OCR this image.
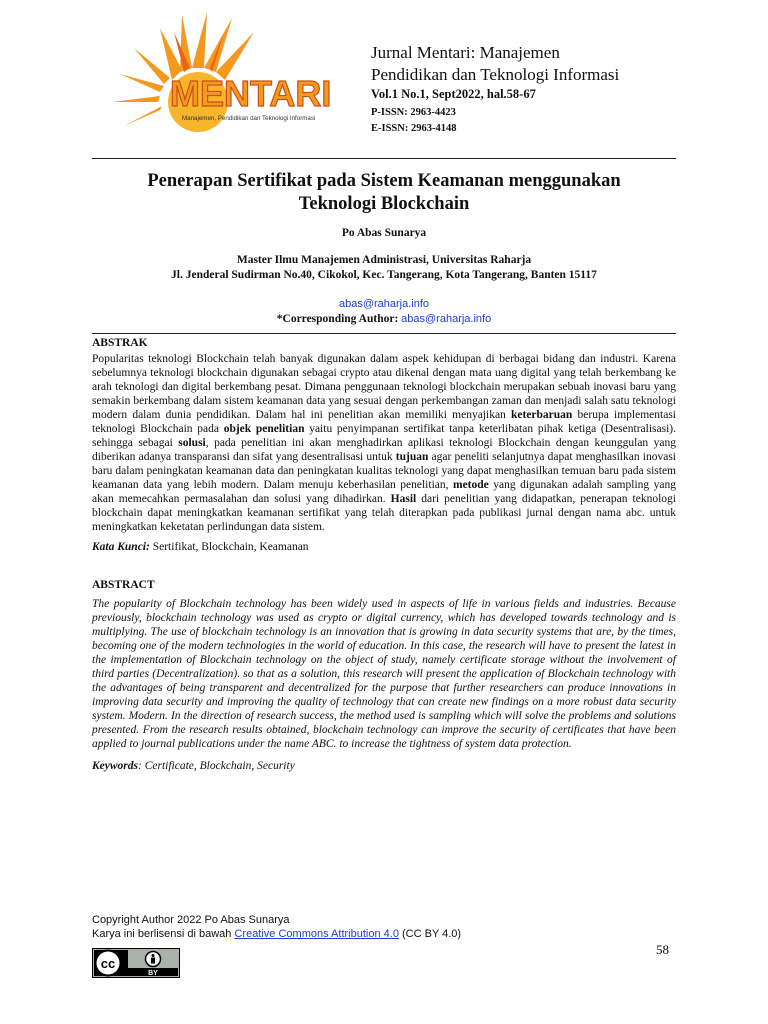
MENTARI
Manajemen, Pendidikan dan Teknologi Informasi
Jurnal Mentari: Manajemen
Pendidikan dan Teknologi Informasi
Vol.1 No.1, Sept2022, hal.58-67
P-ISSN: 2963-4423
E-ISSN: 2963-4148
Penerapan Sertifikat pada Sistem Keamanan menggunakan
Teknologi Blockchain
Po Abas Sunarya
Master Ilmu Manajemen Administrasi, Universitas Raharja
Jl. Jenderal Sudirman No.40, Cikokol, Kec. Tangerang, Kota Tangerang, Banten 15117
abas@raharja.info
*Corresponding Author: abas@raharja.info
ABSTRAK
Popularitas teknologi Blockchain telah banyak digunakan dalam aspek kehidupan di berbagai bidang dan industri. Karena sebelumnya teknologi blockchain digunakan sebagai crypto atau dikenal dengan mata uang digital yang telah berkembang ke arah teknologi dan digital berkembang pesat. Dimana penggunaan teknologi blockchain merupakan sebuah inovasi baru yang semakin berkembang dalam sistem keamanan data yang sesuai dengan perkembangan zaman dan menjadi salah satu teknologi modern dalam dunia pendidikan. Dalam hal ini penelitian akan memiliki menyajikan keterbaruan berupa implementasi teknologi Blockchain pada objek penelitian yaitu penyimpanan sertifikat tanpa keterlibatan pihak ketiga (Desentralisasi). sehingga sebagai solusi, pada penelitian ini akan menghadirkan aplikasi teknologi Blockchain dengan keunggulan yang diberikan adanya transparansi dan sifat yang desentralisasi untuk tujuan agar peneliti selanjutnya dapat menghasilkan inovasi baru dalam peningkatan keamanan data dan peningkatan kualitas teknologi yang dapat menghasilkan temuan baru pada sistem keamanan data yang lebih modern. Dalam menuju keberhasilan penelitian, metode yang digunakan adalah sampling yang akan memecahkan permasalahan dan solusi yang dihadirkan. Hasil dari penelitian yang didapatkan, penerapan teknologi blockchain dapat meningkatkan keamanan sertifikat yang telah diterapkan pada publikasi jurnal dengan nama abc. untuk meningkatkan keketatan perlindungan data sistem.
Kata Kunci: Sertifikat, Blockchain, Keamanan
ABSTRACT
The popularity of Blockchain technology has been widely used in aspects of life in various fields and industries. Because previously, blockchain technology was used as crypto or digital currency, which has developed towards technology and is multiplying. The use of blockchain technology is an innovation that is growing in data security systems that are, by the times, becoming one of the modern technologies in the world of education. In this case, the research will have to present the latest in the implementation of Blockchain technology on the object of study, namely certificate storage without the involvement of third parties (Decentralization). so that as a solution, this research will present the application of Blockchain technology with the advantages of being transparent and decentralized for the purpose that further researchers can produce innovations in improving data security and improving the quality of technology that can create new findings on a more robust data security system. Modern. In the direction of research success, the method used is sampling which will solve the problems and solutions presented. From the research results obtained, blockchain technology can improve the security of certificates that have been applied to journal publications under the name ABC. to increase the tightness of system data protection.
Keywords: Certificate, Blockchain, Security
Copyright Author 2022 Po Abas Sunarya
Karya ini berlisensi di bawah Creative Commons Attribution 4.0 (CC BY 4.0)
cc
BY
58
